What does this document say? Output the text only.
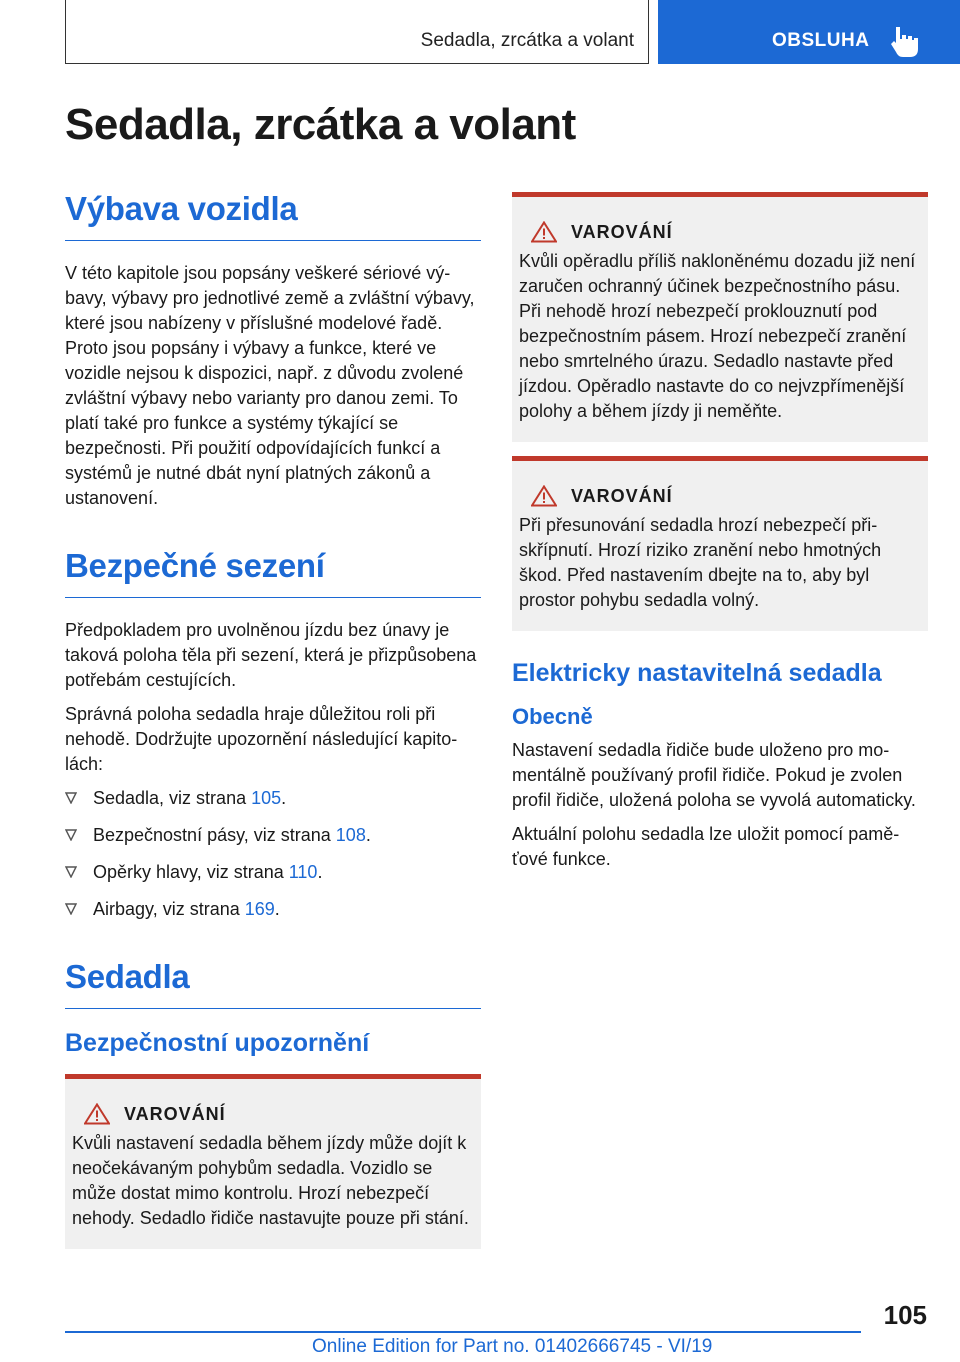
Sedadla, zrcátka a volant	OBSLUHA
Sedadla, zrcátka a volant
Výbava vozidla

V této kapitole jsou popsány veškeré sériové výbavy, výbavy pro jednotlivé země a zvláštní výbavy, které jsou nabízeny v příslušné modelové řadě. Proto jsou popsány i výbavy a funkce, které ve vozidle nejsou k dispozici, např. z důvodu zvolené zvláštní výbavy nebo varianty pro danou zemi. To platí také pro funkce a systémy týkající se bezpečnosti. Při použití odpovídajících funkcí a systémů je nutné dbát nyní platných zákonů a ustanovení.

Bezpečné sezení

Předpokladem pro uvolněnou jízdu bez únavy je taková poloha těla při sezení, která je přizpůsobena potřebám cestujících.

Správná poloha sedadla hraje důležitou roli při nehodě. Dodržujte upozornění následující kapitolách:

Sedadla, viz strana 105.
Bezpečnostní pásy, viz strana 108.
Opěrky hlavy, viz strana 110.
Airbagy, viz strana 169.
Sedadla
Bezpečnostní upozornění
VAROVÁNÍ

Kvůli nastavení sedadla během jízdy může dojít k neočekávaným pohybům sedadla. Vozidlo se může dostat mimo kontrolu. Hrozí nebezpečí nehody. Sedadlo řidiče nastavujte pouze při stání.

VAROVÁNÍ

Kvůli opěradlu příliš nakloněnému dozadu již není zaručen ochranný účinek bezpečnostního pásu. Při nehodě hrozí nebezpečí proklouznutí pod bezpečnostním pásem. Hrozí nebezpečí zranění nebo smrtelného úrazu. Sedadlo nastavte před jízdou. Opěradlo nastavte do co nejvzpřímenější polohy a během jízdy ji neměňte.

VAROVÁNÍ

Při přesunování sedadla hrozí nebezpečí přiskřípnutí. Hrozí riziko zranění nebo hmotných škod. Před nastavením dbejte na to, aby byl prostor pohybu sedadla volný.

Elektricky nastavitelná sedadla
Obecně

Nastavení sedadla řidiče bude uloženo pro momentálně používaný profil řidiče. Pokud je zvolen profil řidiče, uložená poloha se vyvolá automaticky.

Aktuální polohu sedadla lze uložit pomocí paměťové funkce.

105
Online Edition for Part no. 01402666745 - VI/19
